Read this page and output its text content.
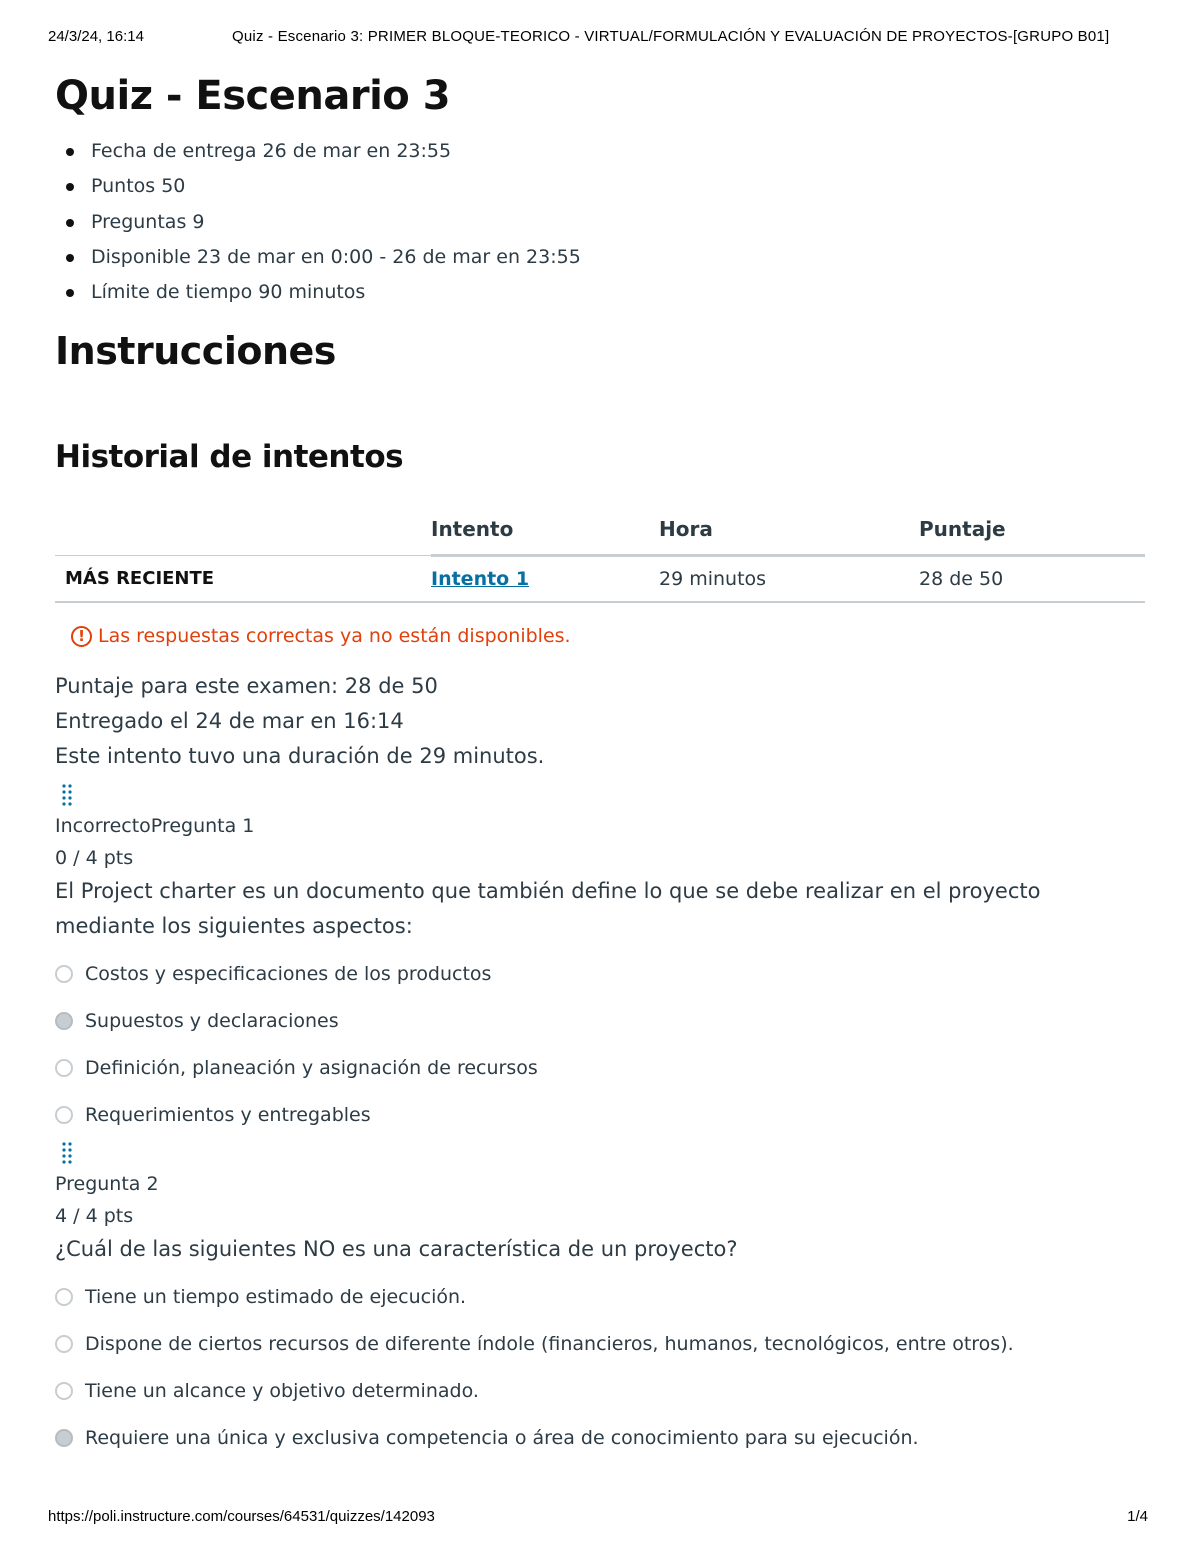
24/3/24, 16:14	Quiz - Escenario 3: PRIMER BLOQUE-TEORICO - VIRTUAL/FORMULACIÓN Y EVALUACIÓN DE PROYECTOS-[GRUPO B01]
Quiz - Escenario 3
Fecha de entrega 26 de mar en 23:55
Puntos 50
Preguntas 9
Disponible 23 de mar en 0:00 - 26 de mar en 23:55
Límite de tiempo 90 minutos
Instrucciones
Historial de intentos
	Intento	Hora	Puntaje
MÁS RECIENTE	Intento 1	29 minutos	28 de 50
! Las respuestas correctas ya no están disponibles.
Puntaje para este examen: 28 de 50
Entregado el 24 de mar en 16:14
Este intento tuvo una duración de 29 minutos.
IncorrectoPregunta 1
0 / 4 pts
El Project charter es un documento que también define lo que se debe realizar en el proyecto mediante los siguientes aspectos:
Costos y especificaciones de los productos
Supuestos y declaraciones
Definición, planeación y asignación de recursos
Requerimientos y entregables
Pregunta 2
4 / 4 pts
¿Cuál de las siguientes NO es una característica de un proyecto?
Tiene un tiempo estimado de ejecución.
Dispone de ciertos recursos de diferente índole (financieros, humanos, tecnológicos, entre otros).
Tiene un alcance y objetivo determinado.
Requiere una única y exclusiva competencia o área de conocimiento para su ejecución.
https://poli.instructure.com/courses/64531/quizzes/142093	1/4
